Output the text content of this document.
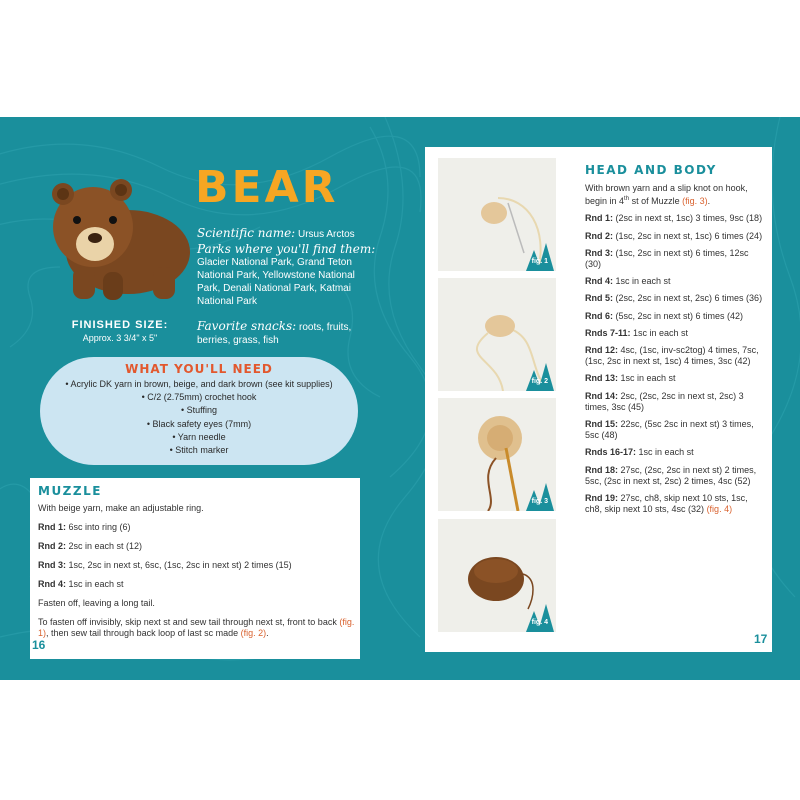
BEAR
Scientific name: Ursus Arctos
Parks where you'll find them:
Glacier National Park, Grand Teton National Park, Yellowstone National Park, Denali National Park, Katmai National Park
Favorite snacks: roots, fruits, berries, grass, fish
FINISHED SIZE:
Approx. 3 3/4" x 5"
WHAT YOU'LL NEED
• Acrylic DK yarn in brown, beige, and dark brown (see kit supplies)
• C/2 (2.75mm) crochet hook
• Stuffing
• Black safety eyes (7mm)
• Yarn needle
• Stitch marker
MUZZLE

With beige yarn, make an adjustable ring.

Rnd 1: 6sc into ring (6)

Rnd 2: 2sc in each st (12)

Rnd 3: 1sc, 2sc in next st, 6sc, (1sc, 2sc in next st) 2 times (15)

Rnd 4: 1sc in each st

Fasten off, leaving a long tail.

To fasten off invisibly, skip next st and sew tail through next st, front to back (fig. 1), then sew tail through back loop of last sc made (fig. 2).

16
fig. 1
fig. 2
fig. 3
fig. 4
HEAD AND BODY

With brown yarn and a slip knot on hook, begin in 4th st of Muzzle (fig. 3).

Rnd 1: (2sc in next st, 1sc) 3 times, 9sc (18)

Rnd 2: (1sc, 2sc in next st, 1sc) 6 times (24)

Rnd 3: (1sc, 2sc in next st) 6 times, 12sc (30)

Rnd 4: 1sc in each st

Rnd 5: (2sc, 2sc in next st, 2sc) 6 times (36)

Rnd 6: (5sc, 2sc in next st) 6 times (42)

Rnds 7-11: 1sc in each st

Rnd 12: 4sc, (1sc, inv-sc2tog) 4 times, 7sc, (1sc, 2sc in next st, 1sc) 4 times, 3sc (42)

Rnd 13: 1sc in each st

Rnd 14: 2sc, (2sc, 2sc in next st, 2sc) 3 times, 3sc (45)

Rnd 15: 22sc, (5sc 2sc in next st) 3 times, 5sc (48)

Rnds 16-17: 1sc in each st

Rnd 18: 27sc, (2sc, 2sc in next st) 2 times, 5sc, (2sc in next st, 2sc) 2 times, 4sc (52)

Rnd 19: 27sc, ch8, skip next 10 sts, 1sc, ch8, skip next 10 sts, 4sc (32) (fig. 4)

17
